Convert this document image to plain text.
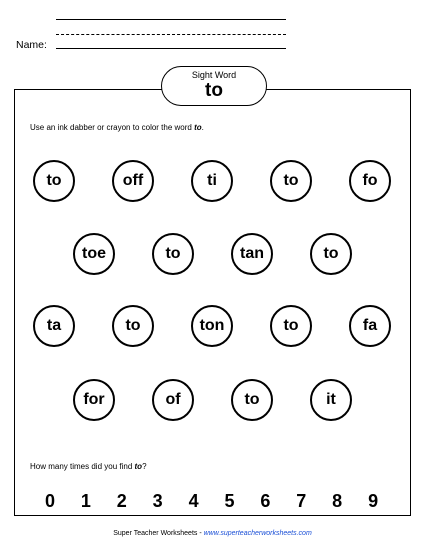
Name:
Sight Word
to
Use an ink dabber or crayon to color the word to.
to	off	ti	to	fo
toe	to	tan	to
ta	to	ton	to	fa
for	of	to	it
How many times did you find to?
0 1 2 3 4 5 6 7 8 9
Super Teacher Worksheets - www.superteacherworksheets.com
